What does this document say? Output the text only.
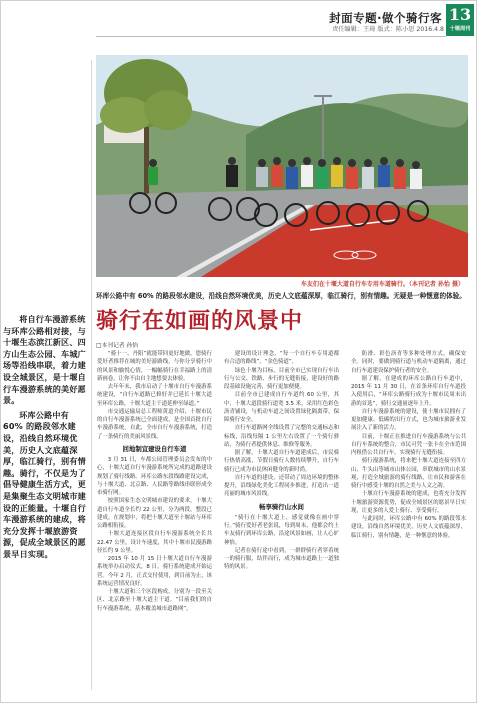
封面专题·做个骑行客
责任编辑：王琦 版式：陈小思 2016.4.8
13
十堰周刊
车友们在十堰大道自行车专用车道骑行。（本刊记者 孙怡 摄）
环库公路中有 60% 的路段邻水建设，沿线自然环境优美，历史人文底蕴深厚，临江骑行，别有情趣。无疑是一种惬意的体验。
骑行在如画的风景中
□本刊记者 孙怡

将自行车漫游系统与环库公路相对接，与十堰生态滨江新区、四方山生态公园、车城广场等沿线串联，着力建设全城景区，是十堰自行车漫游系统的美好愿景。

环库公路中有 60% 的路段邻水建设，沿线自然环境优美，历史人文底蕴深厚，临江骑行，别有情趣。骑行，不仅是为了倡导健康生活方式，更是集聚生态文明城市建设的正能量。十堰自行车漫游系统的建成，将充分发挥十堰旅游资源，促成全域景区的愿景早日实现。

“骑十一、丹阳”就能带回更好地做，您骑行爱好者推荐在城的美好游路线，与你分享骑行中的风景和愉悦心情，一幅幅骑行在幸福路上的清新画卷，让你不由自主地想要去体验。

去年年末，我市启动了十堰市自行车漫游系统建设，“自行车道路已修好并已延长十堰大道至环库公路，十堰大道主干道延伸至绿道。”

市交通运输局总工程师黄道介绍，十堰市民的自行车漫游系统已全面建成，是全国首批自行车漫游系统。自此，全市自行车漫游系统，打造了一条骑行的美丽风景线。

回地制宜建设自行车道

3 月 31 日，车都公园管理委员会发布的中心，十堰大道自行车漫游系统所完成的道路建设规划了骑行线路。环库公路东段线路建设完成，与十堰大道、北京路、人民路等路线串联形成全市骑行网。

按照国家生态文明城市建设的要求，十堰大道自行车道全长约 22 公里，分为两段，整段已建成。在规划中，将把十堰大道至十堰站与环库公路相衔接。

十堰大道连接区段自行车漫游系统全长共 22.47 公里，设计车速度，其中十堰市民漫游路径长约 9 公里。

2015 年 10 月 15 日十堰大道自行车漫游系统举办启动仪式，8 日，骑行系统建成开始运营。今年 2 月，正式交付使用，到目前为止，该系统运营情况良好。

十堰大道和三个区段构成，分别为一段至关区、北京路至十堰大道主干道。“目前我们的自行车漫游系统，基本覆盖城市道路网”。

建设的设计理念，“每一个自行车专用道都有合适的路线”，“金色骑道”。

绿色十堰为目标，目前全市已实现自行车出行与公交、铁路、步行的无缝衔接，建设好的路段基础设施完善，骑行更加便捷。

目前全市已建成自行车道约 60 公里，其中，十堰大道段骑行道宽 3.5 米，采用红色彩色沥青铺设，与机动车道之间设置绿化隔离带，保障骑行安全。

自行车道路网全线设置了完整的交通标志和标线，沿线每隔 1 公里左右设置了一个骑行驿站，为骑行者提供休息、维修等服务。

据了解，十堰大道自行车道建成后，市民骑行热情高涨，节假日骑行人数持续攀升，自行车骑行已成为市民休闲健身的新时尚。

自行车道的建设，还带动了周边环境的整体提升，沿线绿化美化工程同步推进，打造出一道亮丽的城市风景线。

畅享骑行山水间

“骑行在十堰大道上，感觉就像在画中穿行。”骑行爱好者老张说，每到周末，他都会约上车友骑行到环库公路，沿途风景如画，让人心旷神怡。

记者在骑行途中看到，一群群骑行者穿着统一的骑行服，结伴而行，成为城市道路上一道独特的风景。

防滑、彩色沥青等多种处理方式，确保安全。同时，要做到骑行道与机动车道隔离，通过自行车道建设保护骑行者的安全。

据了解，在建成的环库公路自行车道中，2015 年 11 月 30 日，在首条环库自行车道投入使用后，“环库公路骑行成为十堰市民周末出游的首选”，骑行交通量逐年上升。

自行车漫游系统的建设，使十堰市民拥有了更加健康、低碳的出行方式，也为城市旅游业发展注入了新的活力。

目前，十堰正在推进自行车漫游系统与公共自行车系统的整合，市民可凭一张卡在全市范围内租借公共自行车，实现骑行无缝衔接。

骑行漫游系统，将来把十堰大道连接至四方山、牛头山等城市山体公园，串联城市的山水景观，打造全域旅游的骑行线路，让市民和游客在骑行中感受十堰的自然之美与人文之韵。

十堰自行车漫游系统的建成，也将充分发挥十堰旅游资源优势，促成全域景区的愿景早日实现，让更多的人爱上骑行、享受骑行。

与此同时，环库公路中有 60% 的路段邻水建设，沿线自然环境优美，历史人文底蕴深厚，临江骑行，别有情趣，是一种惬意的体验。
